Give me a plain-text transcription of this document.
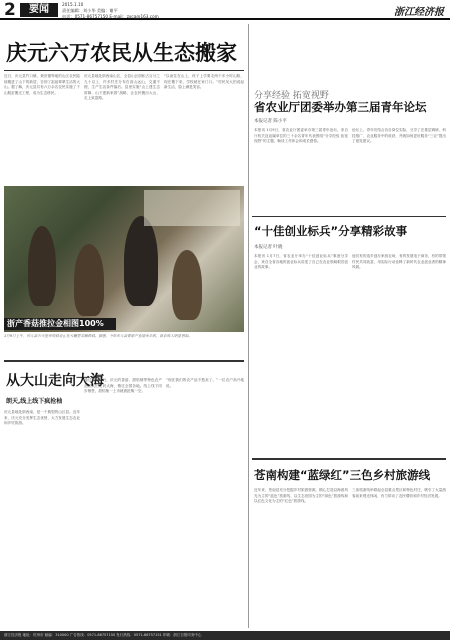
2	要闻	2015.1.10
责任编辑：刘小华 美编：谢平
电话：0571-86757150 E-mail：zxcg@163.com	浙江经济报
庆元六万农民从生态搬家

近日，庆元县竹口镇、黄田镇等地的山区农民陆续搬进了山下的新居，告别了祖祖辈辈生活的大山。据了解，庆元县共有六万余名农民实施了下山脱贫搬迁工程，成为生态移民。

庆元县地处浙西南山区，全县山区面积占百分之九十以上，许多村庄分布在高山远山，交通不便，生产生活条件落后。县里实施“山上建生态屏障、山下建新家园”战略，让农民搬出大山、走上致富路。

“以前住在山上，孩子上学要走两个多小时山路，现在搬下来，学校就在家门口。”村民吴大伯说起新生活，脸上满是笑容。

浙产香菇推拉金相图100%
1月9日上午，庆元县五大堡乡的菇农正在大棚里采摘香菇。据悉，今年庆元县香菇产业迎来丰收，菇农收入明显增加。
从大山走向大海
朗天,线上线下疯抢柚

庆元县地处浙西南，是一个典型的山区县。近年来，庆元充分发挥生态优势，大力发展生态农业和乡村旅游。

通过电商平台，庆元的香菇、甜桔柚等特色农产品从大山走向大海，销往全国各地。线上线下同步销售，甜桔柚一上市就被抢购一空。

“现在我们的农产品不愁卖了。”一位农户高兴地说。

分享经验 拓宽视野
省农业厅团委举办第三届青年论坛
本报记者 陈小平

本报讯 1月9日，省农业厅团委举办第三届青年论坛，来自厅机关及直属单位的三十余名青年代表围绕“分享经验 拓宽视野”的主题，畅谈工作体会和成长感悟。

论坛上，青年们结合各自岗位实际，分享了在基层调研、科技推广、农业服务中的收获，并就如何更好服务“三农”提出了意见建议。

“十佳创业标兵”分享精彩故事
本报记者 叶晓

本报讯 1月7日，省农业厅举办“十佳创业标兵”事迹分享会，来自全省各地的创业标兵讲述了自己在农业领域艰苦创业的故事。

他们有的返乡创办家庭农场，有的发展电子商务，有的带领村民共同致富，用实际行动诠释了新时代农业创业者的精神风貌。

苍南构建“蓝绿红”三色乡村旅游线

近年来，苍南县充分挖掘乡村旅游资源，精心打造以海滨风光为主的“蓝色”旅游线、以生态田园为主的“绿色”旅游线和以红色文化为主的“红色”旅游线。

三条旅游线串联起全县重点景区和特色村庄，吸引了大量游客前来观光休闲，有力带动了农民增收和乡村经济发展。

浙江经济报 地址：杭州市 邮编：310000 广告热线：0571-86757150 发行热线：0571-86757151 印刷：浙江日报印务中心
